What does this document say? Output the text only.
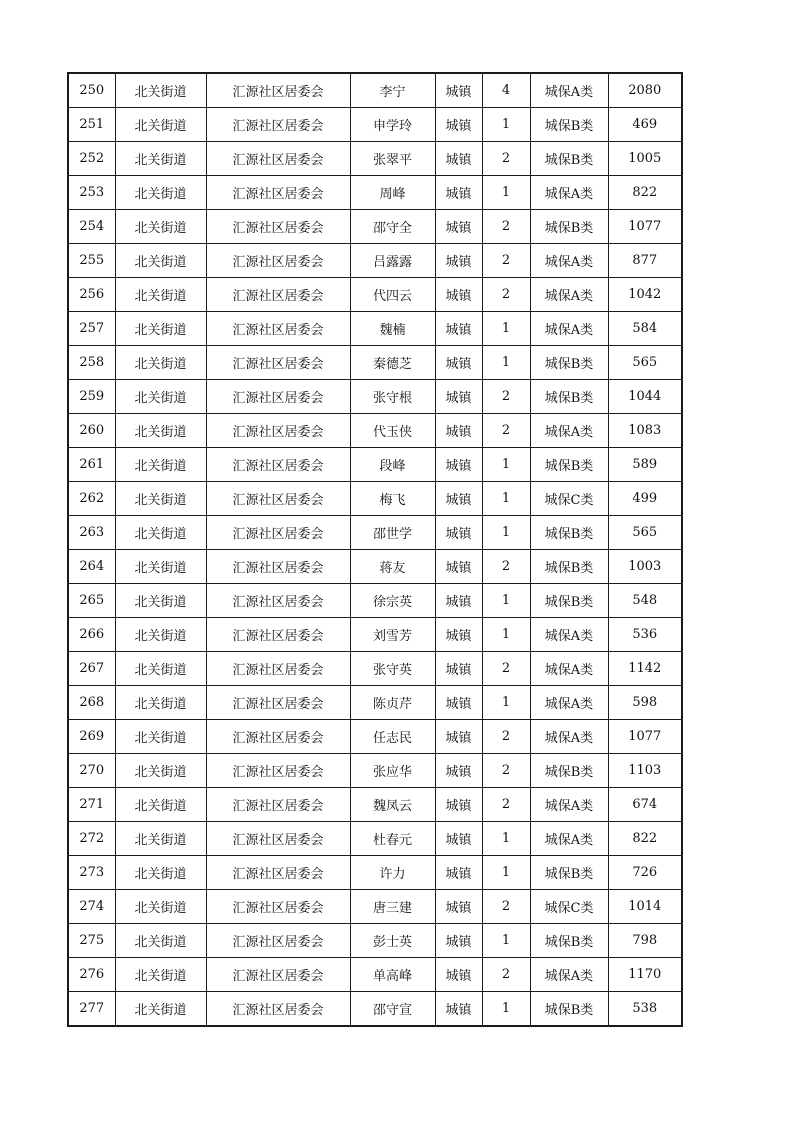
250	北关街道	汇源社区居委会	李宁	城镇	4	城保A类	2080
251	北关街道	汇源社区居委会	申学玲	城镇	1	城保B类	469
252	北关街道	汇源社区居委会	张翠平	城镇	2	城保B类	1005
253	北关街道	汇源社区居委会	周峰	城镇	1	城保A类	822
254	北关街道	汇源社区居委会	邵守全	城镇	2	城保B类	1077
255	北关街道	汇源社区居委会	吕露露	城镇	2	城保A类	877
256	北关街道	汇源社区居委会	代四云	城镇	2	城保A类	1042
257	北关街道	汇源社区居委会	魏楠	城镇	1	城保A类	584
258	北关街道	汇源社区居委会	秦德芝	城镇	1	城保B类	565
259	北关街道	汇源社区居委会	张守根	城镇	2	城保B类	1044
260	北关街道	汇源社区居委会	代玉侠	城镇	2	城保A类	1083
261	北关街道	汇源社区居委会	段峰	城镇	1	城保B类	589
262	北关街道	汇源社区居委会	梅飞	城镇	1	城保C类	499
263	北关街道	汇源社区居委会	邵世学	城镇	1	城保B类	565
264	北关街道	汇源社区居委会	蒋友	城镇	2	城保B类	1003
265	北关街道	汇源社区居委会	徐宗英	城镇	1	城保B类	548
266	北关街道	汇源社区居委会	刘雪芳	城镇	1	城保A类	536
267	北关街道	汇源社区居委会	张守英	城镇	2	城保A类	1142
268	北关街道	汇源社区居委会	陈贞芹	城镇	1	城保A类	598
269	北关街道	汇源社区居委会	任志民	城镇	2	城保A类	1077
270	北关街道	汇源社区居委会	张应华	城镇	2	城保B类	1103
271	北关街道	汇源社区居委会	魏凤云	城镇	2	城保A类	674
272	北关街道	汇源社区居委会	杜春元	城镇	1	城保A类	822
273	北关街道	汇源社区居委会	许力	城镇	1	城保B类	726
274	北关街道	汇源社区居委会	唐三建	城镇	2	城保C类	1014
275	北关街道	汇源社区居委会	彭士英	城镇	1	城保B类	798
276	北关街道	汇源社区居委会	单高峰	城镇	2	城保A类	1170
277	北关街道	汇源社区居委会	邵守宣	城镇	1	城保B类	538
